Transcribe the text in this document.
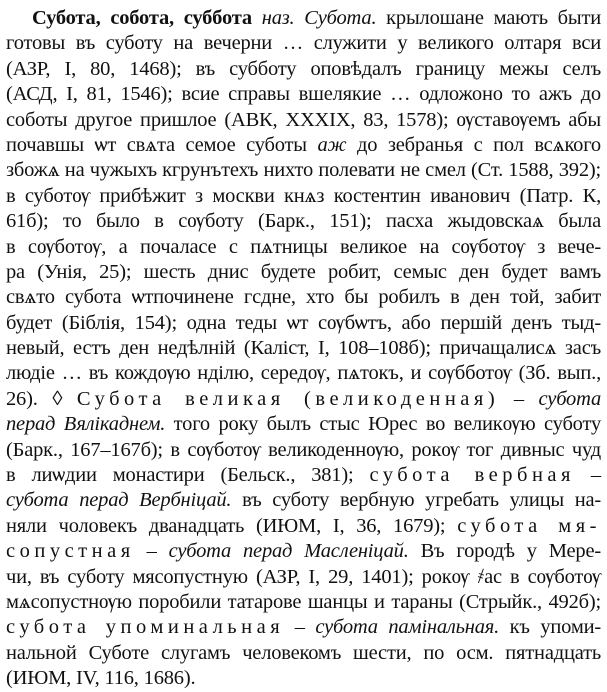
Субота, собота, суббота наз. Субота. крылошане мають быти
готовы въ суботу на вечерни … служити у великого олтаря вси
(АЗР, І, 80, 1468); въ субботу оповѣдалъ границу межы селъ
(АСД, І, 81, 1546); всие справы вшелякие … одложоно то ажъ до
соботы другое пришлое (АВК, XXXIX, 83, 1578); ѹставѹемъ абы
почавшы ѡт свѧта семое суботы аж до зебранья с пол всѧкого
збожѧ на чужыхъ кгрунътехъ нихто полевати не смел (Ст. 1588, 392);
в суботѹ прибѣжит з москви кнѧз костентин иванович (Патр. К,
61б); то было в сѹботу (Барк., 151); пасха жыдовскаѧ была
в сѹботѹ, а почаласе с пѧтницы великое на сѹботѹ з вече-
ра (Унія, 25); шесть днис будете робит, семыс ден будет вамъ
свѧто субота ѡтпочинене гсдне, хто бы робилъ в ден той, забит
будет (Біблія, 154); одна теды ѡт сѹбѡтъ, або першій денъ тыд-
невый, естъ ден недѣлній (Каліст, І, 108–108б); причащалисѧ засъ
людіе … въ кождѹю нділю, середѹ, пѧтокъ, и сѹбботѹ (Зб. вып.,
26). ◊ Субота великая (великоденная) – субота
перад Вялікаднем. того року былъ стыс Юрес во великѹю суботу
(Барк., 167–167б); в сѹботѹ великоденнѹю, рокѹ тог дивныс чуд
в лиѡдии монастири (Бельск., 381); субота вербная –
субота перад Вербніцай. въ суботу вербную угребать улицы на-
няли чоловекъ дванадцать (ИЮМ, І, 36, 1679); субота мя-
сопустная – субота перад Масленіцай. Въ городѣ у Мере-
чи, въ суботу мясопустную (АЗР, І, 29, 1401); рокѹ ҂ас в сѹботѹ
мѧсопустнѹю поробили татарове шанцы и тараны (Стрыйк., 492б);
субота упоминальная – субота памінальная. къ упоми-
нальной Суботе слугамъ человекомъ шести, по осм. пятнадцать
(ИЮМ, IV, 116, 1686).
